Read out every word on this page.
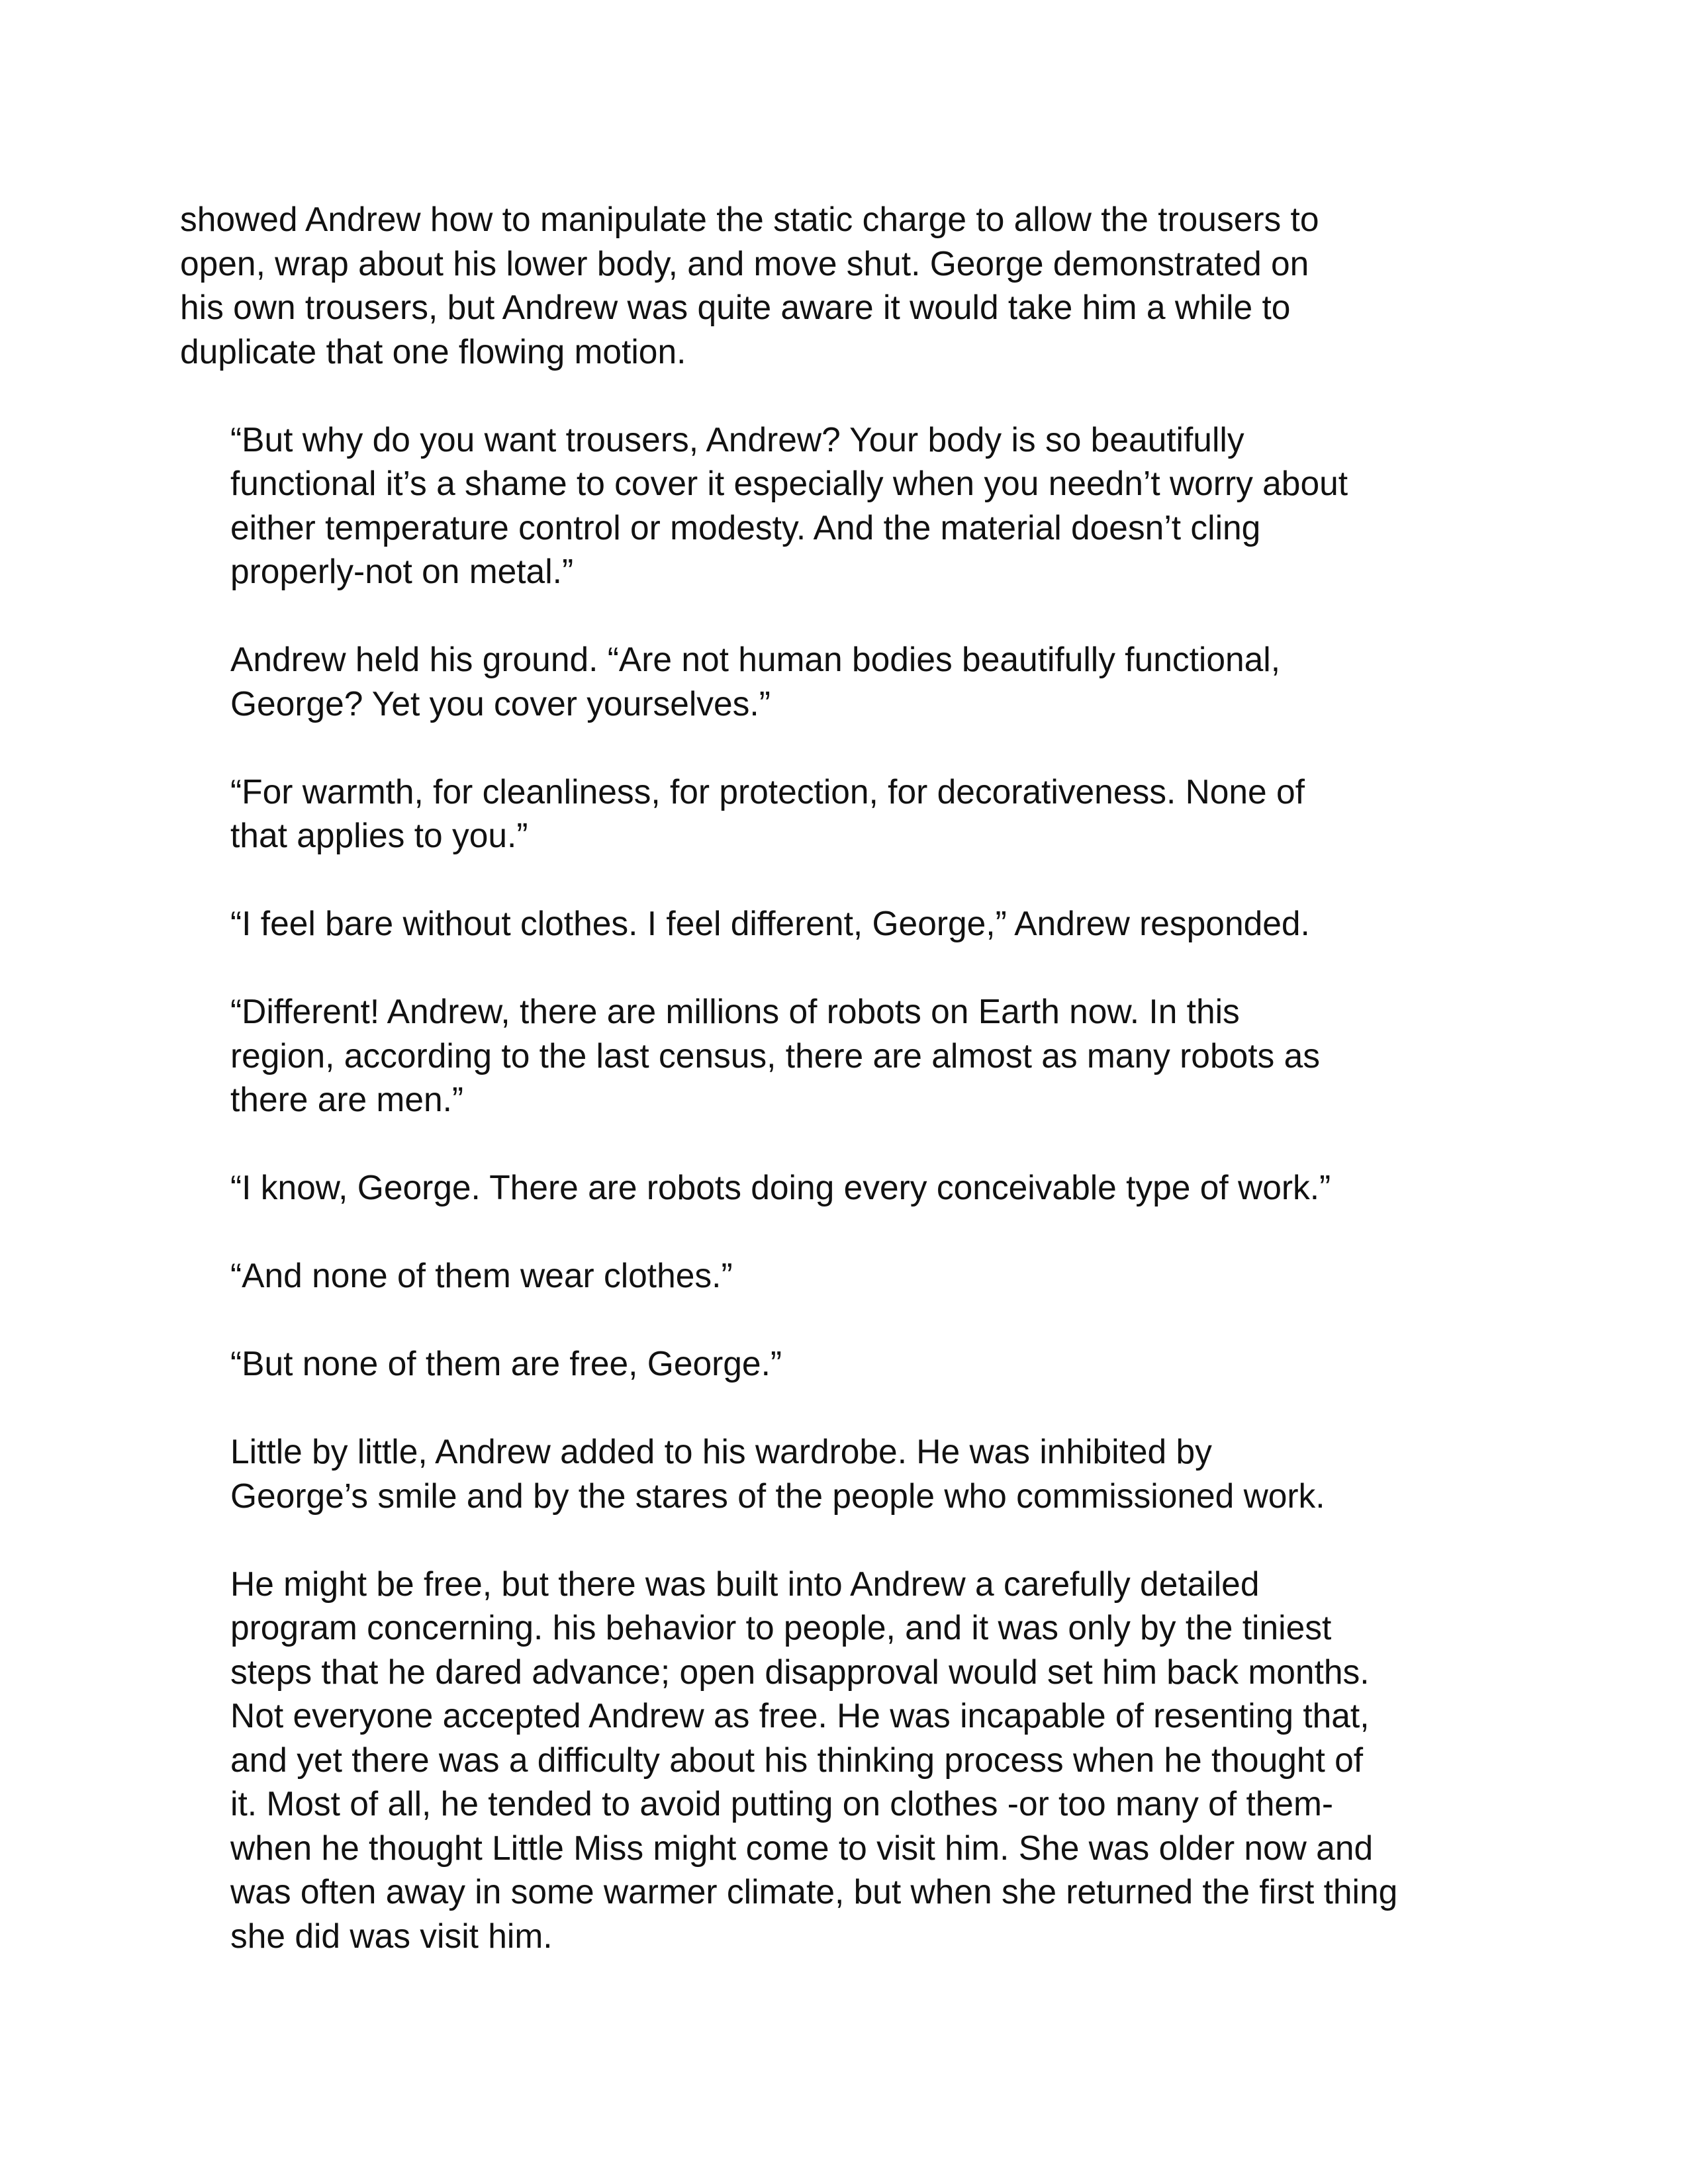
showed Andrew how to manipulate the static charge to allow the trousers to
open, wrap about his lower body, and move shut. George demonstrated on
his own trousers, but Andrew was quite aware it would take him a while to
duplicate that one flowing motion.

“But why do you want trousers, Andrew? Your body is so beautifully
functional it’s a shame to cover it especially when you needn’t worry about
either temperature control or modesty. And the material doesn’t cling
properly-not on metal.”

Andrew held his ground. “Are not human bodies beautifully functional,
George? Yet you cover yourselves.”

“For warmth, for cleanliness, for protection, for decorativeness. None of
that applies to you.”

“I feel bare without clothes. I feel different, George,” Andrew responded.

“Different! Andrew, there are millions of robots on Earth now. In this
region, according to the last census, there are almost as many robots as
there are men.”

“I know, George. There are robots doing every conceivable type of work.”

“And none of them wear clothes.”

“But none of them are free, George.”

Little by little, Andrew added to his wardrobe. He was inhibited by
George’s smile and by the stares of the people who commissioned work.

He might be free, but there was built into Andrew a carefully detailed
program concerning. his behavior to people, and it was only by the tiniest
steps that he dared advance; open disapproval would set him back months.
Not everyone accepted Andrew as free. He was incapable of resenting that,
and yet there was a difficulty about his thinking process when he thought of
it. Most of all, he tended to avoid putting on clothes -or too many of them-
when he thought Little Miss might come to visit him. She was older now and
was often away in some warmer climate, but when she returned the first thing
she did was visit him.
